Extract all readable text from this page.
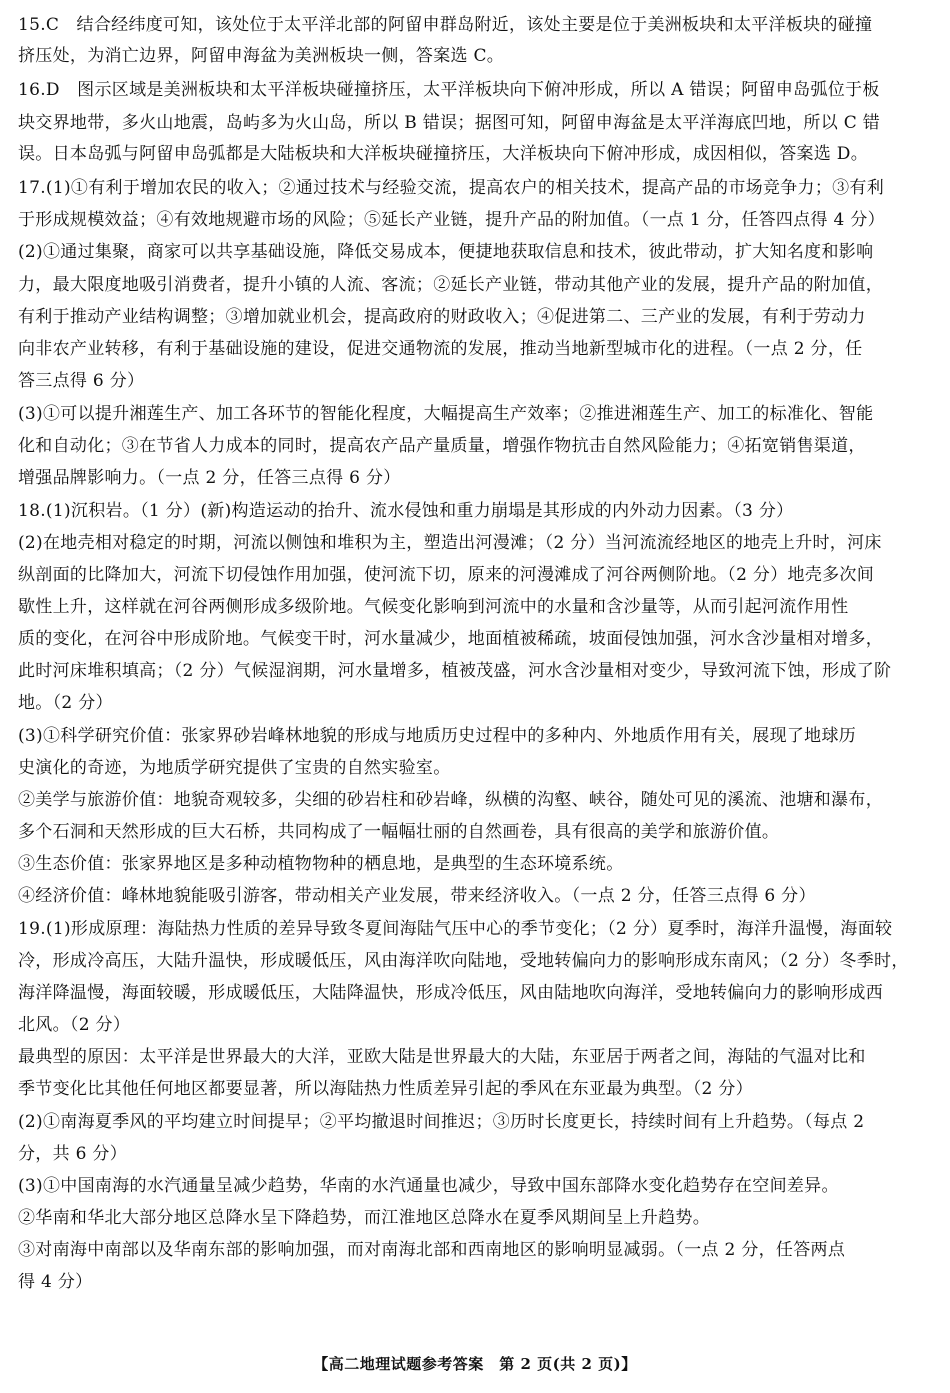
15.C　结合经纬度可知，该处位于太平洋北部的阿留申群岛附近，该处主要是位于美洲板块和太平洋板块的碰撞
挤压处，为消亡边界，阿留申海盆为美洲板块一侧，答案选 C。
16.D　图示区域是美洲板块和太平洋板块碰撞挤压，太平洋板块向下俯冲形成，所以 A 错误；阿留申岛弧位于板
块交界地带，多火山地震，岛屿多为火山岛，所以 B 错误；据图可知，阿留申海盆是太平洋海底凹地，所以 C 错
误。日本岛弧与阿留申岛弧都是大陆板块和大洋板块碰撞挤压，大洋板块向下俯冲形成，成因相似，答案选 D。
17.(1)①有利于增加农民的收入；②通过技术与经验交流，提高农户的相关技术，提高产品的市场竞争力；③有利
于形成规模效益；④有效地规避市场的风险；⑤延长产业链，提升产品的附加值。（一点 1 分，任答四点得 4 分）
(2)①通过集聚，商家可以共享基础设施，降低交易成本，便捷地获取信息和技术，彼此带动，扩大知名度和影响
力，最大限度地吸引消费者，提升小镇的人流、客流；②延长产业链，带动其他产业的发展，提升产品的附加值，
有利于推动产业结构调整；③增加就业机会，提高政府的财政收入；④促进第二、三产业的发展，有利于劳动力
向非农产业转移，有利于基础设施的建设，促进交通物流的发展，推动当地新型城市化的进程。（一点 2 分，任
答三点得 6 分）
(3)①可以提升湘莲生产、加工各环节的智能化程度，大幅提高生产效率；②推进湘莲生产、加工的标准化、智能
化和自动化；③在节省人力成本的同时，提高农产品产量质量，增强作物抗击自然风险能力；④拓宽销售渠道，
增强品牌影响力。（一点 2 分，任答三点得 6 分）
18.(1)沉积岩。（1 分）(新)构造运动的抬升、流水侵蚀和重力崩塌是其形成的内外动力因素。（3 分）
(2)在地壳相对稳定的时期，河流以侧蚀和堆积为主，塑造出河漫滩；（2 分）当河流流经地区的地壳上升时，河床
纵剖面的比降加大，河流下切侵蚀作用加强，使河流下切，原来的河漫滩成了河谷两侧阶地。（2 分）地壳多次间
歇性上升，这样就在河谷两侧形成多级阶地。气候变化影响到河流中的水量和含沙量等，从而引起河流作用性
质的变化，在河谷中形成阶地。气候变干时，河水量减少，地面植被稀疏，坡面侵蚀加强，河水含沙量相对增多，
此时河床堆积填高；（2 分）气候湿润期，河水量增多，植被茂盛，河水含沙量相对变少，导致河流下蚀，形成了阶
地。（2 分）
(3)①科学研究价值：张家界砂岩峰林地貌的形成与地质历史过程中的多种内、外地质作用有关，展现了地球历
史演化的奇迹，为地质学研究提供了宝贵的自然实验室。
②美学与旅游价值：地貌奇观较多，尖细的砂岩柱和砂岩峰，纵横的沟壑、峡谷，随处可见的溪流、池塘和瀑布，
多个石洞和天然形成的巨大石桥，共同构成了一幅幅壮丽的自然画卷，具有很高的美学和旅游价值。
③生态价值：张家界地区是多种动植物物种的栖息地，是典型的生态环境系统。
④经济价值：峰林地貌能吸引游客，带动相关产业发展，带来经济收入。（一点 2 分，任答三点得 6 分）
19.(1)形成原理：海陆热力性质的差异导致冬夏间海陆气压中心的季节变化；（2 分）夏季时，海洋升温慢，海面较
冷，形成冷高压，大陆升温快，形成暖低压，风由海洋吹向陆地，受地转偏向力的影响形成东南风；（2 分）冬季时，
海洋降温慢，海面较暖，形成暖低压，大陆降温快，形成冷低压，风由陆地吹向海洋，受地转偏向力的影响形成西
北风。（2 分）
最典型的原因：太平洋是世界最大的大洋，亚欧大陆是世界最大的大陆，东亚居于两者之间，海陆的气温对比和
季节变化比其他任何地区都要显著，所以海陆热力性质差异引起的季风在东亚最为典型。（2 分）
(2)①南海夏季风的平均建立时间提早；②平均撤退时间推迟；③历时长度更长，持续时间有上升趋势。（每点 2
分，共 6 分）
(3)①中国南海的水汽通量呈减少趋势，华南的水汽通量也减少，导致中国东部降水变化趋势存在空间差异。
②华南和华北大部分地区总降水呈下降趋势，而江淮地区总降水在夏季风期间呈上升趋势。
③对南海中南部以及华南东部的影响加强，而对南海北部和西南地区的影响明显减弱。（一点 2 分，任答两点
得 4 分）
【高二地理试题参考答案　第 2 页(共 2 页)】
